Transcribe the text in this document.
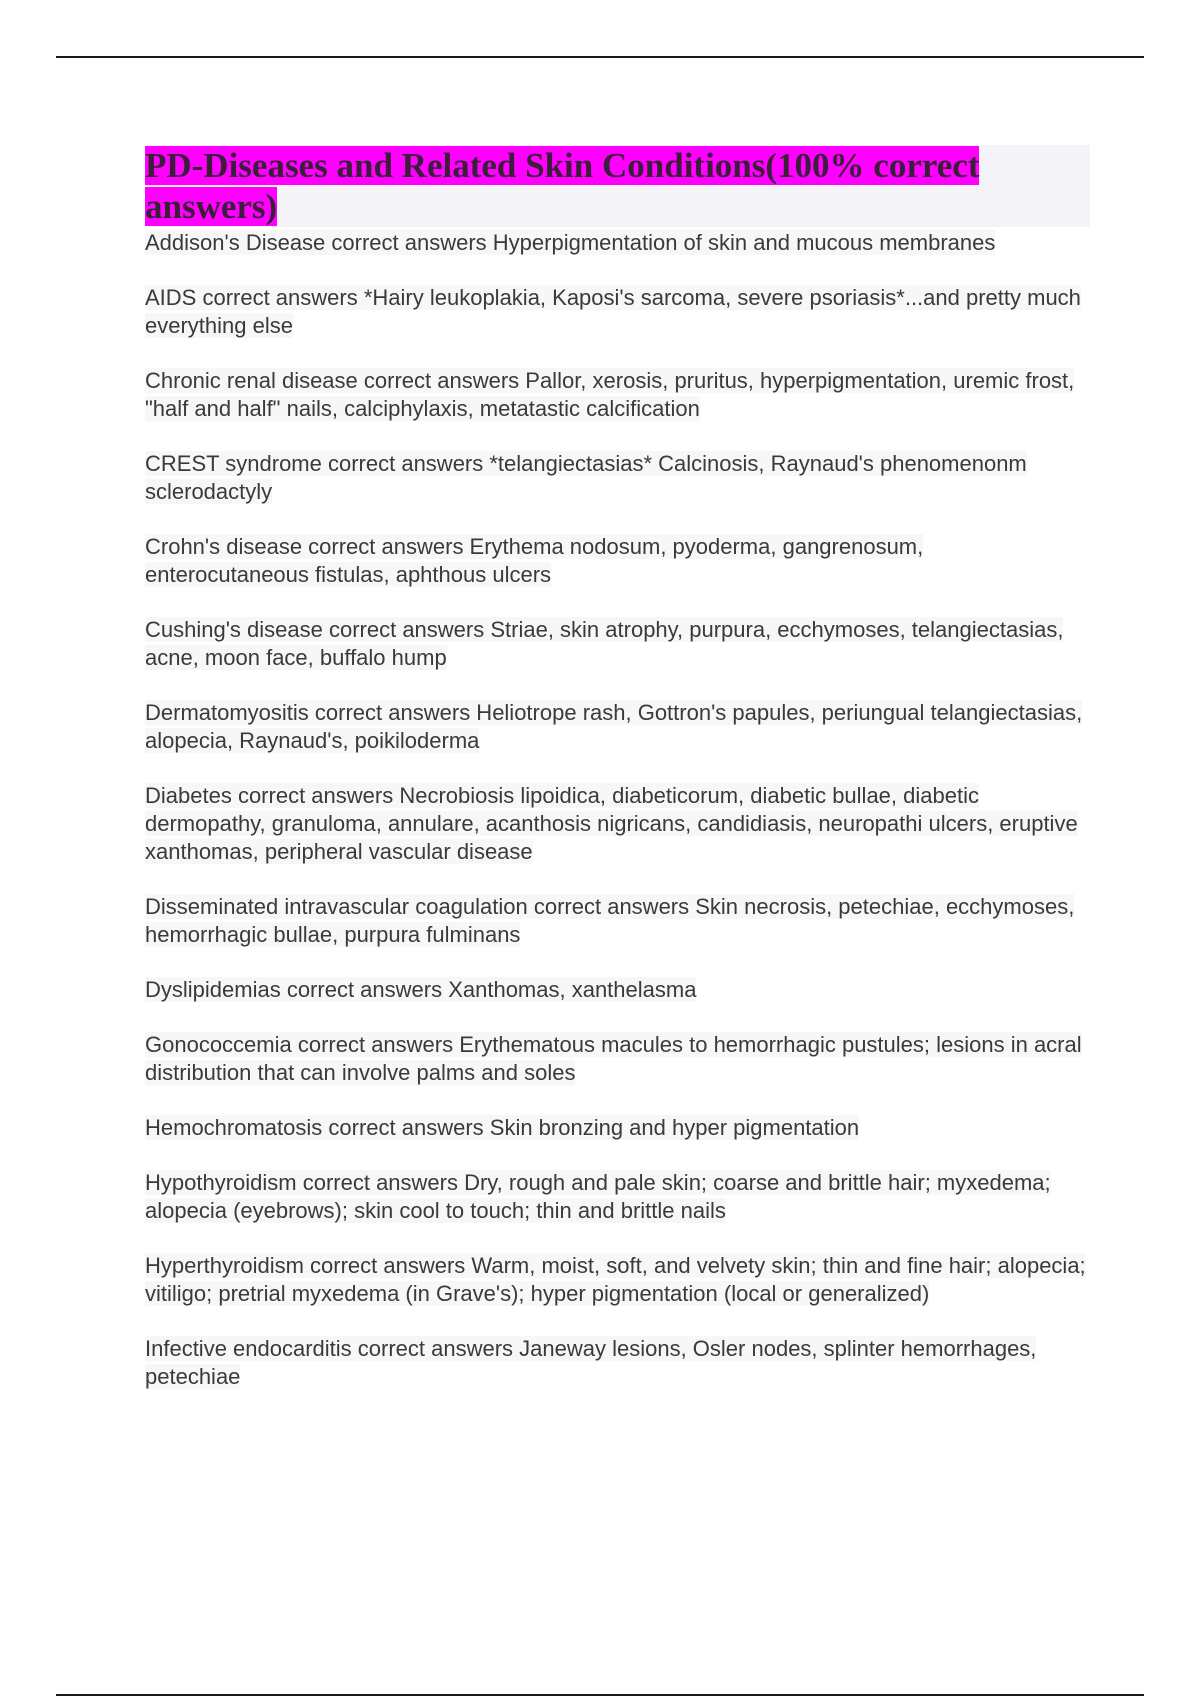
PD-Diseases and Related Skin Conditions(100% correct answers)

Addison's Disease correct answers Hyperpigmentation of skin and mucous membranes

AIDS correct answers *Hairy leukoplakia, Kaposi's sarcoma, severe psoriasis*...and pretty much everything else

Chronic renal disease correct answers Pallor, xerosis, pruritus, hyperpigmentation, uremic frost, "half and half" nails, calciphylaxis, metatastic calcification

CREST syndrome correct answers *telangiectasias* Calcinosis, Raynaud's phenomenonm sclerodactyly

Crohn's disease correct answers Erythema nodosum, pyoderma, gangrenosum, enterocutaneous fistulas, aphthous ulcers

Cushing's disease correct answers Striae, skin atrophy, purpura, ecchymoses, telangiectasias, acne, moon face, buffalo hump

Dermatomyositis correct answers Heliotrope rash, Gottron's papules, periungual telangiectasias, alopecia, Raynaud's, poikiloderma

Diabetes correct answers Necrobiosis lipoidica, diabeticorum, diabetic bullae, diabetic dermopathy, granuloma, annulare, acanthosis nigricans, candidiasis, neuropathi ulcers, eruptive xanthomas, peripheral vascular disease

Disseminated intravascular coagulation correct answers Skin necrosis, petechiae, ecchymoses, hemorrhagic bullae, purpura fulminans

Dyslipidemias correct answers Xanthomas, xanthelasma

Gonococcemia correct answers Erythematous macules to hemorrhagic pustules; lesions in acral distribution that can involve palms and soles

Hemochromatosis correct answers Skin bronzing and hyper pigmentation

Hypothyroidism correct answers Dry, rough and pale skin; coarse and brittle hair; myxedema; alopecia (eyebrows); skin cool to touch; thin and brittle nails

Hyperthyroidism correct answers Warm, moist, soft, and velvety skin; thin and fine hair; alopecia; vitiligo; pretrial myxedema (in Grave's); hyper pigmentation (local or generalized)

Infective endocarditis correct answers Janeway lesions, Osler nodes, splinter hemorrhages, petechiae
